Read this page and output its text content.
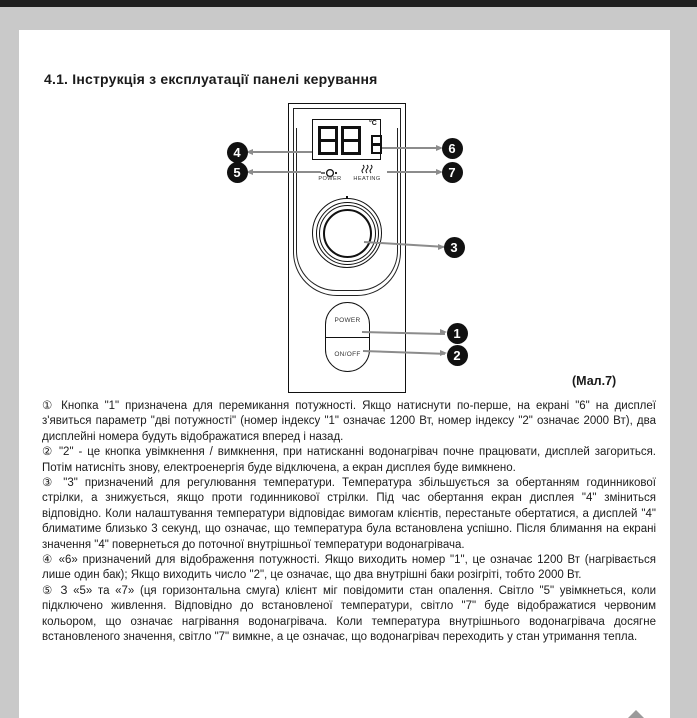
4.1. Інструкція з експлуатації панелі керування
°C
POWER	HEATING
POWER
ON/OFF
1
2
3
4
5
6
7
(Мал.7)

① Кнопка "1" призначена для перемикання потужності. Якщо натиснути по-перше, на екрані "6" на дисплеї з'явиться параметр "дві потужності" (номер індексу "1" означає 1200 Вт, номер індексу "2" означає 2000 Вт), два дисплейні номера будуть відображатися вперед і назад.

② "2" - це кнопка увімкнення / вимкнення, при натисканні водонагрівач почне працювати, дисплей загориться. Потім натисніть знову, електроенергія буде відключена, а екран дисплея буде вимкнено.

③ "3" призначений для регулювання температури. Температура збільшується за обертанням годинникової стрілки, а знижується, якщо проти годинникової стрілки. Під час обертання екран дисплея "4" зміниться відповідно. Коли налаштування температури відповідає вимогам клієнтів, перестаньте обертатися, а дисплей "4" блиматиме близько 3 секунд, що означає, що температура була встановлена успішно. Після блимання на екрані значення "4" повернеться до поточної внутрішньої температури водонагрівача.

④ «6» призначений для відображення потужності. Якщо виходить номер "1", це означає 1200 Вт (нагрівається лише один бак); Якщо виходить число "2", це означає, що два внутрішні баки розігріті, тобто 2000 Вт.

⑤ З «5» та «7» (ця горизонтальна смуга) клієнт міг повідомити стан опалення. Світло "5" увімкнеться, коли підключено живлення. Відповідно до встановленої температури, світло "7" буде відображатися червоним кольором, що означає нагрівання водонагрівача. Коли температура внутрішнього водонагрівача досягне встановленого значення, світло "7" вимкне, а це означає, що водонагрівач переходить у стан утримання тепла.
